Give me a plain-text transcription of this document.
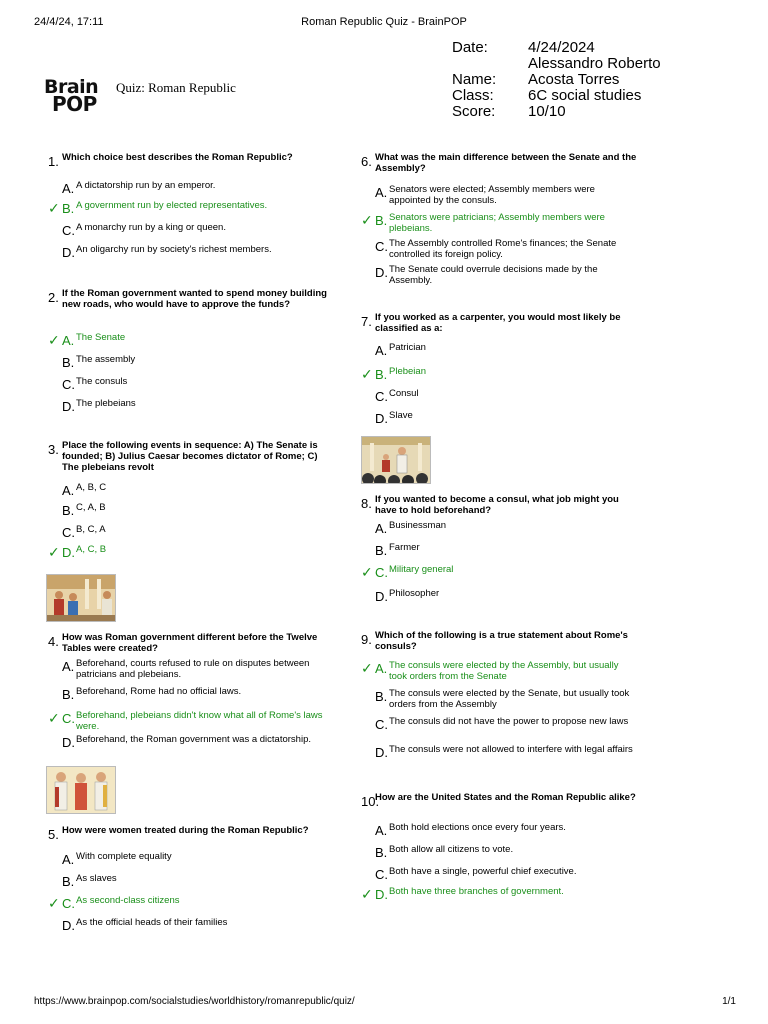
24/4/24, 17:11	Roman Republic Quiz - BrainPOP
Brain
POP
Quiz: Roman Republic
Date:	4/24/2024
Alessandro Roberto
Name:	Acosta Torres
Class:	6C social studies
Score:	10/10
1. Which choice best describes the Roman Republic?
A. A dictatorship run by an emperor.
✓ B. A government run by elected representatives.
C. A monarchy run by a king or queen.
D. An oligarchy run by society's richest members.
2. If the Roman government wanted to spend money building new roads, who would have to approve the funds?
✓ A. The Senate
B. The assembly
C. The consuls
D. The plebeians
3. Place the following events in sequence: A) The Senate is founded; B) Julius Caesar becomes dictator of Rome; C) The plebeians revolt
A. A, B, C
B. C, A, B
C. B, C, A
✓ D. A, C, B
4. How was Roman government different before the Twelve Tables were created?
A. Beforehand, courts refused to rule on disputes between patricians and plebeians.
B. Beforehand, Rome had no official laws.
✓ C. Beforehand, plebeians didn't know what all of Rome's laws were.
D. Beforehand, the Roman government was a dictatorship.
5. How were women treated during the Roman Republic?
A. With complete equality
B. As slaves
✓ C. As second-class citizens
D. As the official heads of their families
6. What was the main difference between the Senate and the Assembly?
A. Senators were elected; Assembly members were appointed by the consuls.
✓ B. Senators were patricians; Assembly members were plebeians.
C. The Assembly controlled Rome's finances; the Senate controlled its foreign policy.
D. The Senate could overrule decisions made by the Assembly.
7. If you worked as a carpenter, you would most likely be classified as a:
A. Patrician
✓ B. Plebeian
C. Consul
D. Slave
8. If you wanted to become a consul, what job might you have to hold beforehand?
A. Businessman
B. Farmer
✓ C. Military general
D. Philosopher
9. Which of the following is a true statement about Rome's consuls?
✓ A. The consuls were elected by the Assembly, but usually took orders from the Senate
B. The consuls were elected by the Senate, but usually took orders from the Assembly
C. The consuls did not have the power to propose new laws
D. The consuls were not allowed to interfere with legal affairs
10.
How are the United States and the Roman Republic alike?
A. Both hold elections once every four years.
B. Both allow all citizens to vote.
C. Both have a single, powerful chief executive.
✓ D. Both have three branches of government.
https://www.brainpop.com/socialstudies/worldhistory/romanrepublic/quiz/	1/1
